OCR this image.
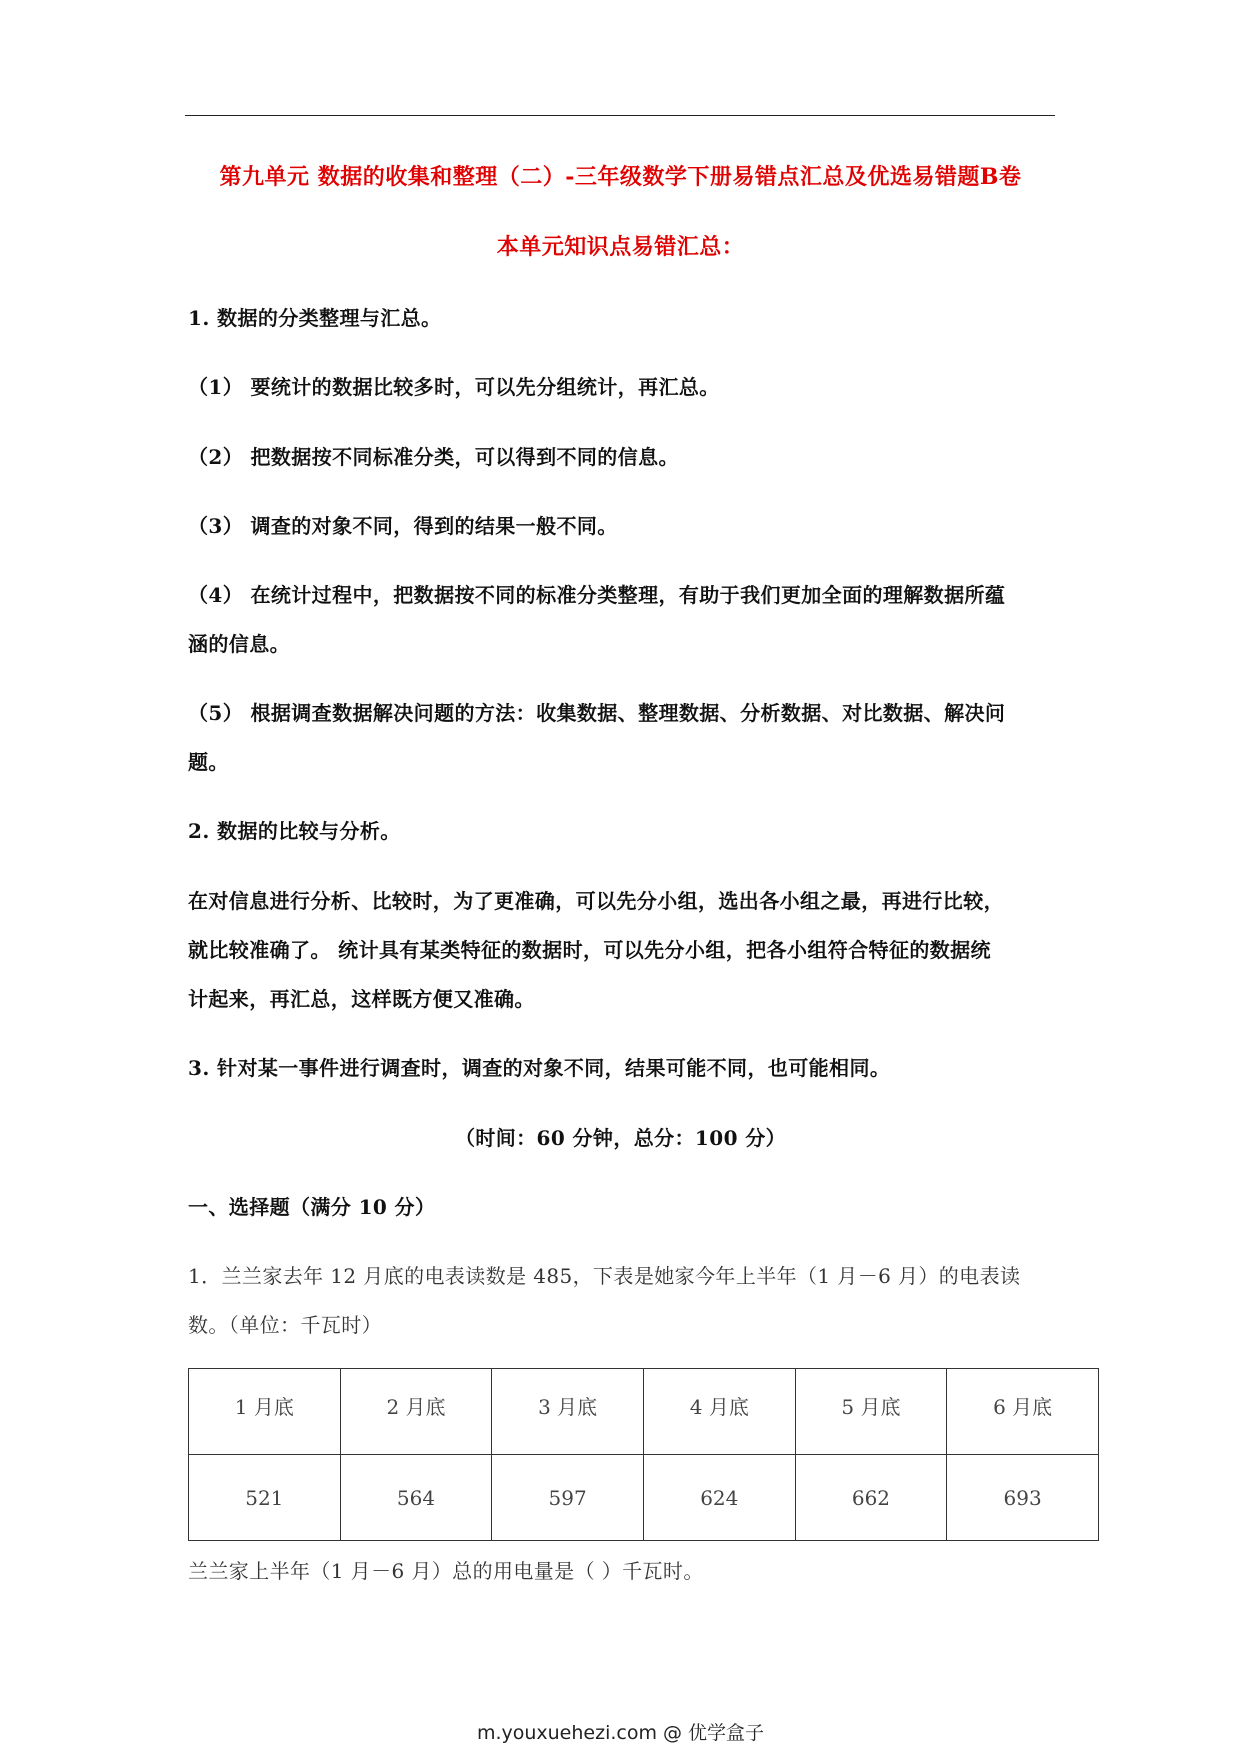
第九单元 数据的收集和整理（二）-三年级数学下册易错点汇总及优选易错题B卷
本单元知识点易错汇总：
1. 数据的分类整理与汇总。
（1） 要统计的数据比较多时，可以先分组统计，再汇总。
（2） 把数据按不同标准分类，可以得到不同的信息。
（3） 调查的对象不同，得到的结果一般不同。
（4） 在统计过程中，把数据按不同的标准分类整理，有助于我们更加全面的理解数据所蕴
涵的信息。
（5） 根据调查数据解决问题的方法：收集数据、整理数据、分析数据、对比数据、解决问
题。
2. 数据的比较与分析。
在对信息进行分析、比较时，为了更准确，可以先分小组，选出各小组之最，再进行比较，
就比较准确了。 统计具有某类特征的数据时，可以先分小组，把各小组符合特征的数据统
计起来，再汇总，这样既方便又准确。
3. 针对某一事件进行调查时，调查的对象不同，结果可能不同，也可能相同。
（时间：60 分钟，总分：100 分）
一、选择题（满分 10 分）
1．兰兰家去年 12 月底的电表读数是 485，下表是她家今年上半年（1 月－6 月）的电表读
数。（单位：千瓦时）
1 月底	2 月底	3 月底	4 月底	5 月底	6 月底
521	564	597	624	662	693
兰兰家上半年（1 月－6 月）总的用电量是（ ）千瓦时。
m.youxuehezi.com @ 优学盒子
